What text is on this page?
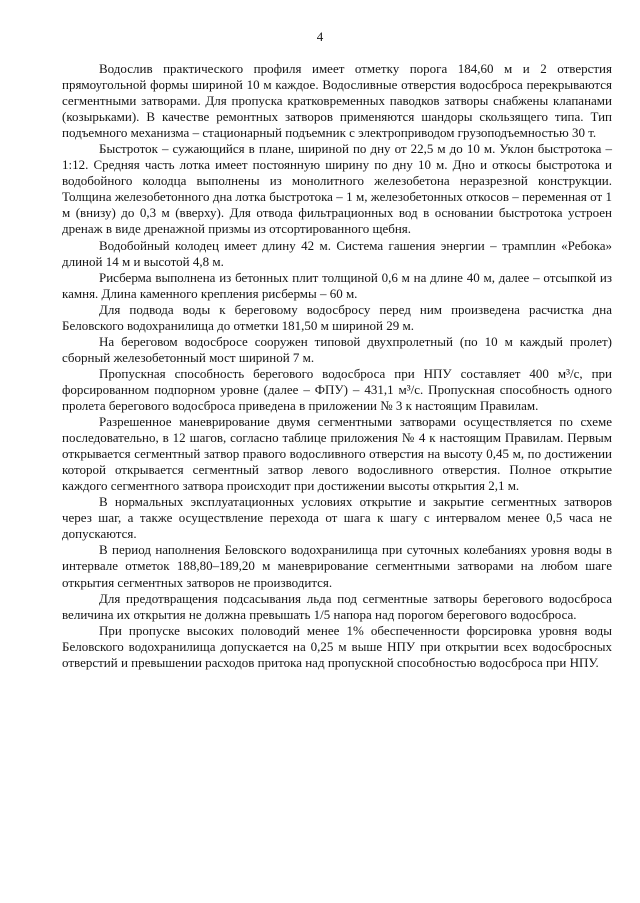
4

Водослив практического профиля имеет отметку порога 184,60 м и 2 отверстия прямоугольной формы шириной 10 м каждое. Водосливные отверстия водосброса перекрываются сегментными затворами. Для пропуска кратковременных паводков затворы снабжены клапанами (козырьками). В качестве ремонтных затворов применяются шандоры скользящего типа. Тип подъемного механизма – стационарный подъемник с электроприводом грузоподъемностью 30 т.

Быстроток – сужающийся в плане, шириной по дну от 22,5 м до 10 м. Уклон быстротока – 1:12. Средняя часть лотка имеет постоянную ширину по дну 10 м. Дно и откосы быстротока и водобойного колодца выполнены из монолитного железобетона неразрезной конструкции. Толщина железобетонного дна лотка быстротока – 1 м, железобетонных откосов – переменная от 1 м (внизу) до 0,3 м (вверху). Для отвода фильтрационных вод в основании быстротока устроен дренаж в виде дренажной призмы из отсортированного щебня.

Водобойный колодец имеет длину 42 м. Система гашения энергии – трамплин «Ребока» длиной 14 м и высотой 4,8 м.

Рисберма выполнена из бетонных плит толщиной 0,6 м на длине 40 м, далее – отсыпкой из камня. Длина каменного крепления рисбермы – 60 м.

Для подвода воды к береговому водосбросу перед ним произведена расчистка дна Беловского водохранилища до отметки 181,50 м шириной 29 м.

На береговом водосбросе сооружен типовой двухпролетный (по 10 м каждый пролет) сборный железобетонный мост шириной 7 м.

Пропускная способность берегового водосброса при НПУ составляет 400 м³/с, при форсированном подпорном уровне (далее – ФПУ) – 431,1 м³/с. Пропускная способность одного пролета берегового водосброса приведена в приложении № 3 к настоящим Правилам.

Разрешенное маневрирование двумя сегментными затворами осуществляется по схеме последовательно, в 12 шагов, согласно таблице приложения № 4 к настоящим Правилам. Первым открывается сегментный затвор правого водосливного отверстия на высоту 0,45 м, по достижении которой открывается сегментный затвор левого водосливного отверстия. Полное открытие каждого сегментного затвора происходит при достижении высоты открытия 2,1 м.

В нормальных эксплуатационных условиях открытие и закрытие сегментных затворов через шаг, а также осуществление перехода от шага к шагу с интервалом менее 0,5 часа не допускаются.

В период наполнения Беловского водохранилища при суточных колебаниях уровня воды в интервале отметок 188,80–189,20 м маневрирование сегментными затворами на любом шаге открытия сегментных затворов не производится.

Для предотвращения подсасывания льда под сегментные затворы берегового водосброса величина их открытия не должна превышать 1/5 напора над порогом берегового водосброса.

При пропуске высоких половодий менее 1% обеспеченности форсировка уровня воды Беловского водохранилища допускается на 0,25 м выше НПУ при открытии всех водосбросных отверстий и превышении расходов притока над пропускной способностью водосброса при НПУ.
